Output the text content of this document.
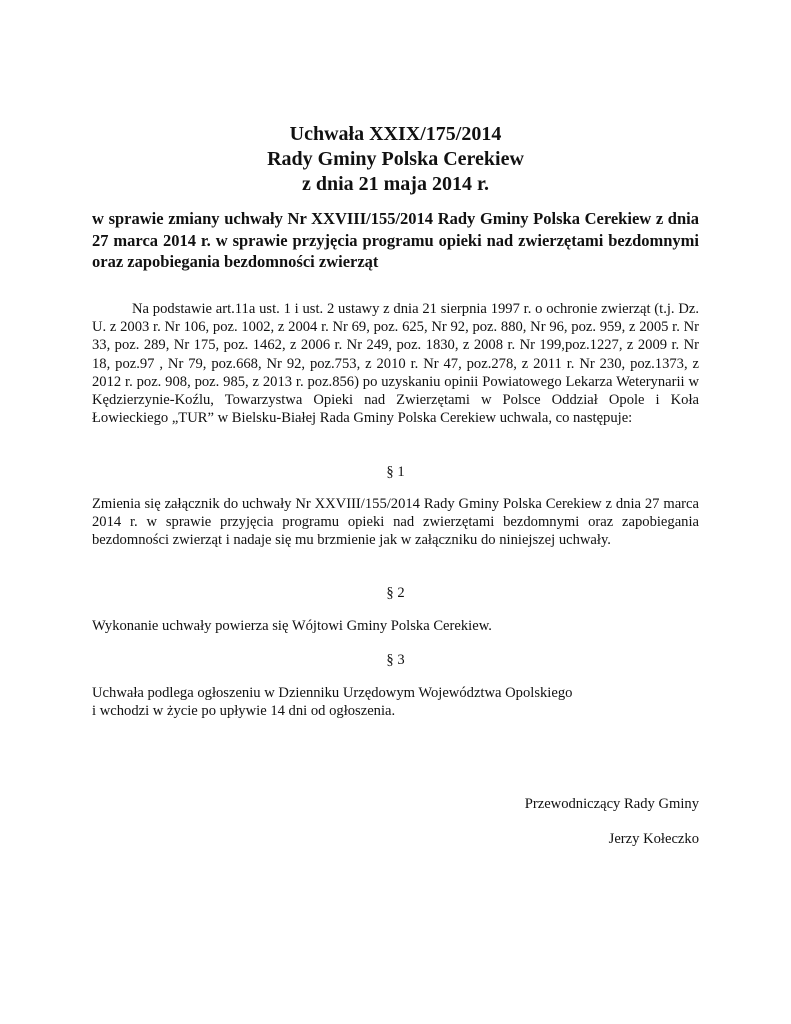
Uchwała XXIX/175/2014
Rady Gminy Polska Cerekiew
z dnia 21 maja 2014 r.
w sprawie zmiany uchwały Nr XXVIII/155/2014 Rady Gminy Polska Cerekiew z dnia 27 marca 2014 r. w sprawie przyjęcia programu opieki nad zwierzętami bezdomnymi oraz zapobiegania bezdomności zwierząt
Na podstawie art.11a ust. 1 i ust. 2 ustawy z dnia 21 sierpnia 1997 r. o ochronie zwierząt (t.j. Dz. U. z 2003 r. Nr 106, poz. 1002, z 2004 r. Nr 69, poz. 625, Nr 92, poz. 880, Nr 96, poz. 959, z 2005 r. Nr 33, poz. 289, Nr 175, poz. 1462, z 2006 r. Nr 249, poz. 1830, z 2008 r. Nr 199,poz.1227, z 2009 r. Nr 18, poz.97 , Nr 79, poz.668, Nr 92, poz.753, z 2010 r. Nr 47, poz.278, z 2011 r. Nr 230, poz.1373, z 2012 r. poz. 908, poz. 985, z 2013 r. poz.856) po uzyskaniu opinii Powiatowego Lekarza Weterynarii w Kędzierzynie-Koźlu, Towarzystwa Opieki nad Zwierzętami w Polsce Oddział Opole i Koła Łowieckiego „TUR” w Bielsku-Białej Rada Gminy Polska Cerekiew uchwala, co następuje:
§ 1
Zmienia się załącznik do uchwały Nr XXVIII/155/2014 Rady Gminy Polska Cerekiew z dnia 27 marca 2014 r. w sprawie przyjęcia programu opieki nad zwierzętami bezdomnymi oraz zapobiegania bezdomności zwierząt i nadaje się mu brzmienie jak w załączniku do niniejszej uchwały.
§ 2
Wykonanie uchwały powierza się Wójtowi Gminy Polska Cerekiew.
§ 3
Uchwała podlega ogłoszeniu w Dzienniku Urzędowym Województwa Opolskiego
i wchodzi w życie po upływie 14 dni od ogłoszenia.
Przewodniczący Rady Gminy
Jerzy Kołeczko
